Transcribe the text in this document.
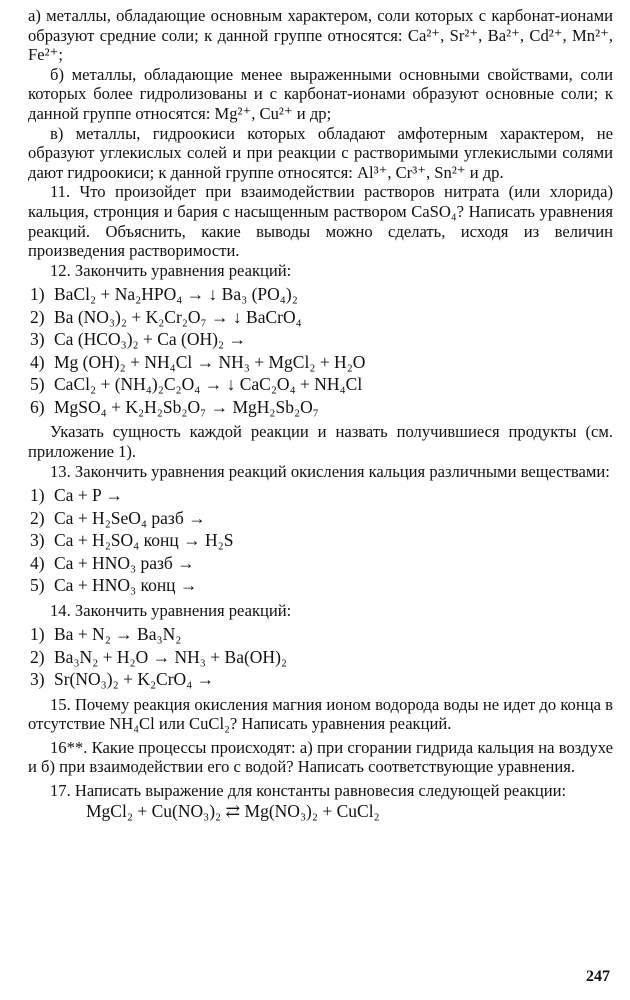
а) металлы, обладающие основным характером, соли которых с карбонат-ионами образуют средние соли; к данной группе относятся: Ca²⁺, Sr²⁺, Ba²⁺, Cd²⁺, Mn²⁺, Fe²⁺;

б) металлы, обладающие менее выраженными основными свойствами, соли которых более гидролизованы и с карбонат-ионами образуют основные соли; к данной группе относятся: Mg²⁺, Cu²⁺ и др;

в) металлы, гидроокиси которых обладают амфотерным характером, не образуют углекислых солей и при реакции с растворимыми углекислыми солями дают гидроокиси; к данной группе относятся: Al³⁺, Cr³⁺, Sn²⁺ и др.

11. Что произойдет при взаимодействии растворов нитрата (или хлорида) кальция, стронция и бария с насыщенным раствором CaSO₄? Написать уравнения реакций. Объяснить, какие выводы можно сделать, исходя из величин произведения растворимости.

12. Закончить уравнения реакций:

1) BaCl₂ + Na₂HPO₄ → ↓ Ba₃ (PO₄)₂
2) Ba (NO₃)₂ + K₂Cr₂O₇ → ↓ BaCrO₄
3) Ca (HCO₃)₂ + Ca (OH)₂ →
4) Mg (OH)₂ + NH₄Cl → NH₃ + MgCl₂ + H₂O
5) CaCl₂ + (NH₄)₂C₂O₄ → ↓ CaC₂O₄ + NH₄Cl
6) MgSO₄ + K₂H₂Sb₂O₇ → MgH₂Sb₂O₇

Указать сущность каждой реакции и назвать получившиеся продукты (см. приложение 1).

13. Закончить уравнения реакций окисления кальция различными веществами:

1) Ca + P →
2) Ca + H₂SeO₄ разб →
3) Ca + H₂SO₄ конц → H₂S
4) Ca + HNO₃ разб →
5) Ca + HNO₃ конц →

14. Закончить уравнения реакций:

1) Ba + N₂ → Ba₃N₂
2) Ba₃N₂ + H₂O → NH₃ + Ba(OH)₂
3) Sr(NO₃)₂ + K₂CrO₄ →

15. Почему реакция окисления магния ионом водорода воды не идет до конца в отсутствие NH₄Cl или CuCl₂? Написать уравнения реакций.

16**. Какие процессы происходят: а) при сгорании гидрида кальция на воздухе и б) при взаимодействии его с водой? Написать соответствующие уравнения.

17. Написать выражение для константы равновесия следующей реакции:

MgCl₂ + Cu(NO₃)₂ ⇄ Mg(NO₃)₂ + CuCl₂
247
